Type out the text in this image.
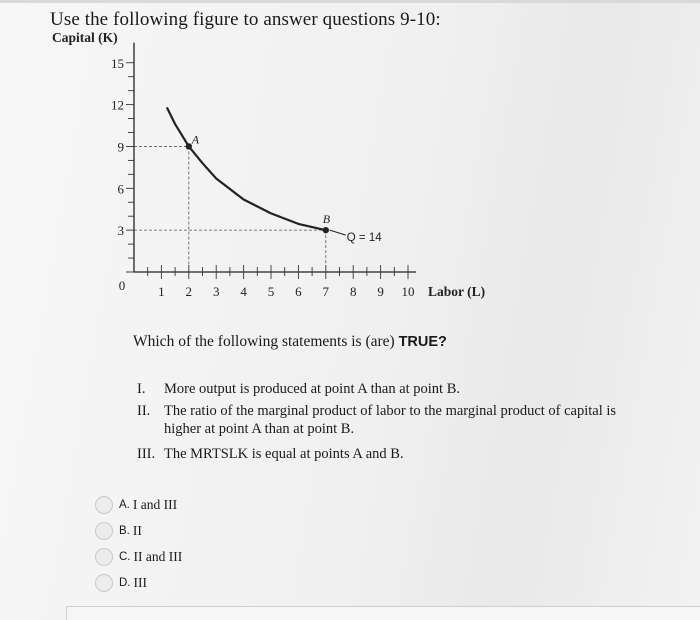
Use the following figure to answer questions 9-10:
0
3
6
9
12
15
1 2 3 4 5 6 7 8 9 10
Capital (K)
Labor (L)
A
B
Q = 14
Which of the following statements is (are) TRUE?
I. More output is produced at point A than at point B.
II. The ratio of the marginal product of labor to the marginal product of capital is
higher at point A than at point B.
III. The MRTSLK is equal at points A and B.
A. I and III
B. II
C. II and III
D. III
